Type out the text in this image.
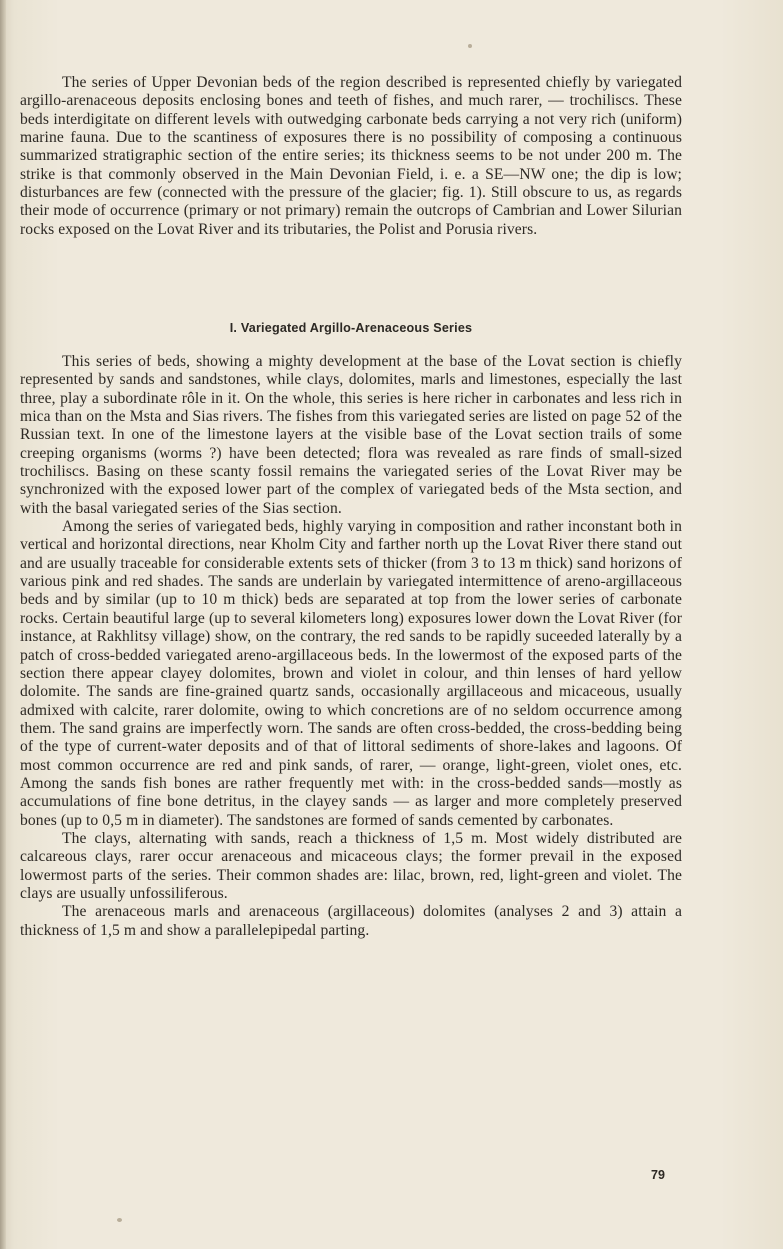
The series of Upper Devonian beds of the region described is represented chiefly by variegated argillo-arenaceous deposits enclosing bones and teeth of fishes, and much rarer, — trochiliscs. These beds interdigitate on different levels with outwedging carbonate beds carrying a not very rich (uniform) marine fauna. Due to the scantiness of exposures there is no possibility of composing a continuous summarized stratigraphic section of the entire series; its thickness seems to be not under 200 m. The strike is that commonly observed in the Main Devonian Field, i. e. a SE—NW one; the dip is low; disturbances are few (connected with the pressure of the glacier; fig. 1). Still obscure to us, as regards their mode of occurrence (primary or not primary) remain the outcrops of Cambrian and Lower Silurian rocks exposed on the Lovat River and its tributaries, the Polist and Porusia rivers.

I. Variegated Argillo-Arenaceous Series

This series of beds, showing a mighty development at the base of the Lovat section is chiefly represented by sands and sandstones, while clays, dolomites, marls and limestones, especially the last three, play a subordinate rôle in it. On the whole, this series is here richer in carbonates and less rich in mica than on the Msta and Sias rivers. The fishes from this variegated series are listed on page 52 of the Russian text. In one of the limestone layers at the visible base of the Lovat section trails of some creeping organisms (worms ?) have been detected; flora was revealed as rare finds of small-sized trochiliscs. Basing on these scanty fossil remains the variegated series of the Lovat River may be synchronized with the exposed lower part of the complex of variegated beds of the Msta section, and with the basal variegated series of the Sias section.

Among the series of variegated beds, highly varying in composition and rather inconstant both in vertical and horizontal directions, near Kholm City and farther north up the Lovat River there stand out and are usually traceable for considerable extents sets of thicker (from 3 to 13 m thick) sand horizons of various pink and red shades. The sands are underlain by variegated intermittence of areno-argillaceous beds and by similar (up to 10 m thick) beds are separated at top from the lower series of carbonate rocks. Certain beautiful large (up to several kilometers long) exposures lower down the Lovat River (for instance, at Rakhlitsy village) show, on the contrary, the red sands to be rapidly suceeded laterally by a patch of cross-bedded variegated areno-argillaceous beds. In the lowermost of the exposed parts of the section there appear clayey dolomites, brown and violet in colour, and thin lenses of hard yellow dolomite. The sands are fine-grained quartz sands, occasionally argillaceous and micaceous, usually admixed with calcite, rarer dolomite, owing to which concretions are of no seldom occurrence among them. The sand grains are imperfectly worn. The sands are often cross-bedded, the cross-bedding being of the type of current-water deposits and of that of littoral sediments of shore-lakes and lagoons. Of most common occurrence are red and pink sands, of rarer, — orange, light-green, violet ones, etc. Among the sands fish bones are rather frequently met with: in the cross-bedded sands—mostly as accumulations of fine bone detritus, in the clayey sands — as larger and more completely preserved bones (up to 0,5 m in diameter). The sandstones are formed of sands cemented by carbonates.

The clays, alternating with sands, reach a thickness of 1,5 m. Most widely distributed are calcareous clays, rarer occur arenaceous and micaceous clays; the former prevail in the exposed lowermost parts of the series. Their common shades are: lilac, brown, red, light-green and violet. The clays are usually unfossiliferous.

The arenaceous marls and arenaceous (argillaceous) dolomites (analyses 2 and 3) attain a thickness of 1,5 m and show a parallelepipedal parting.

79
